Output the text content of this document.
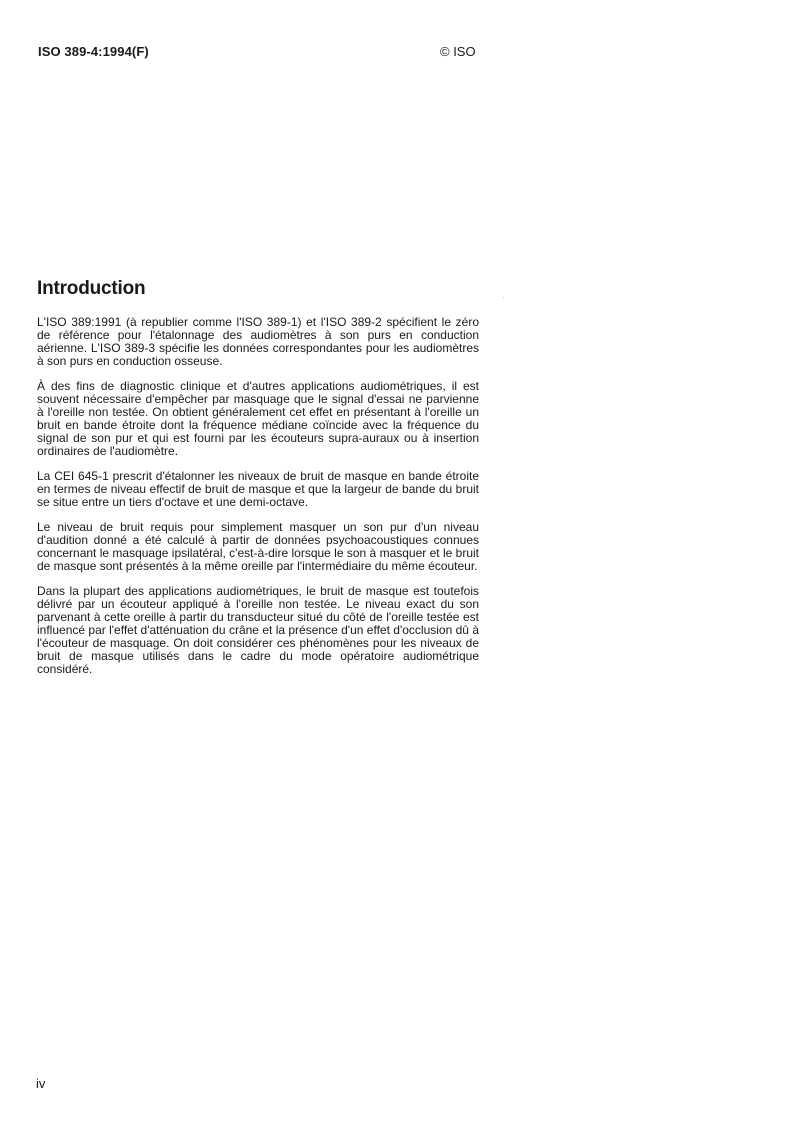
ISO 389-4:1994(F)	© ISO
Introduction

L'ISO 389:1991 (à republier comme l'ISO 389-1) et l'ISO 389-2 spécifient le zéro de référence pour l'étalonnage des audiomètres à son purs en conduction aérienne. L'ISO 389-3 spécifie les données correspondantes pour les audiomètres à son purs en conduction osseuse.

À des fins de diagnostic clinique et d'autres applications audiométriques, il est souvent nécessaire d'empêcher par masquage que le signal d'essai ne parvienne à l'oreille non testée. On obtient généralement cet effet en présentant à l'oreille un bruit en bande étroite dont la fréquence médiane coïncide avec la fréquence du signal de son pur et qui est fourni par les écouteurs supra-auraux ou à insertion ordinaires de l'audiomètre.

La CEI 645-1 prescrit d'étalonner les niveaux de bruit de masque en bande étroite en termes de niveau effectif de bruit de masque et que la largeur de bande du bruit se situe entre un tiers d'octave et une demi-octave.

Le niveau de bruit requis pour simplement masquer un son pur d'un niveau d'audition donné a été calculé à partir de données psychoacoustiques connues concernant le masquage ipsilatéral, c'est-à-dire lorsque le son à masquer et le bruit de masque sont présentés à la même oreille par l'intermédiaire du même écouteur.

Dans la plupart des applications audiométriques, le bruit de masque est toutefois délivré par un écouteur appliqué à l'oreille non testée. Le niveau exact du son parvenant à cette oreille à partir du transducteur situé du côté de l'oreille testée est influencé par l'effet d'atténuation du crâne et la présence d'un effet d'occlusion dû à l'écouteur de masquage. On doit considérer ces phénomènes pour les niveaux de bruit de masque utilisés dans le cadre du mode opératoire audiométrique considéré.

iv
